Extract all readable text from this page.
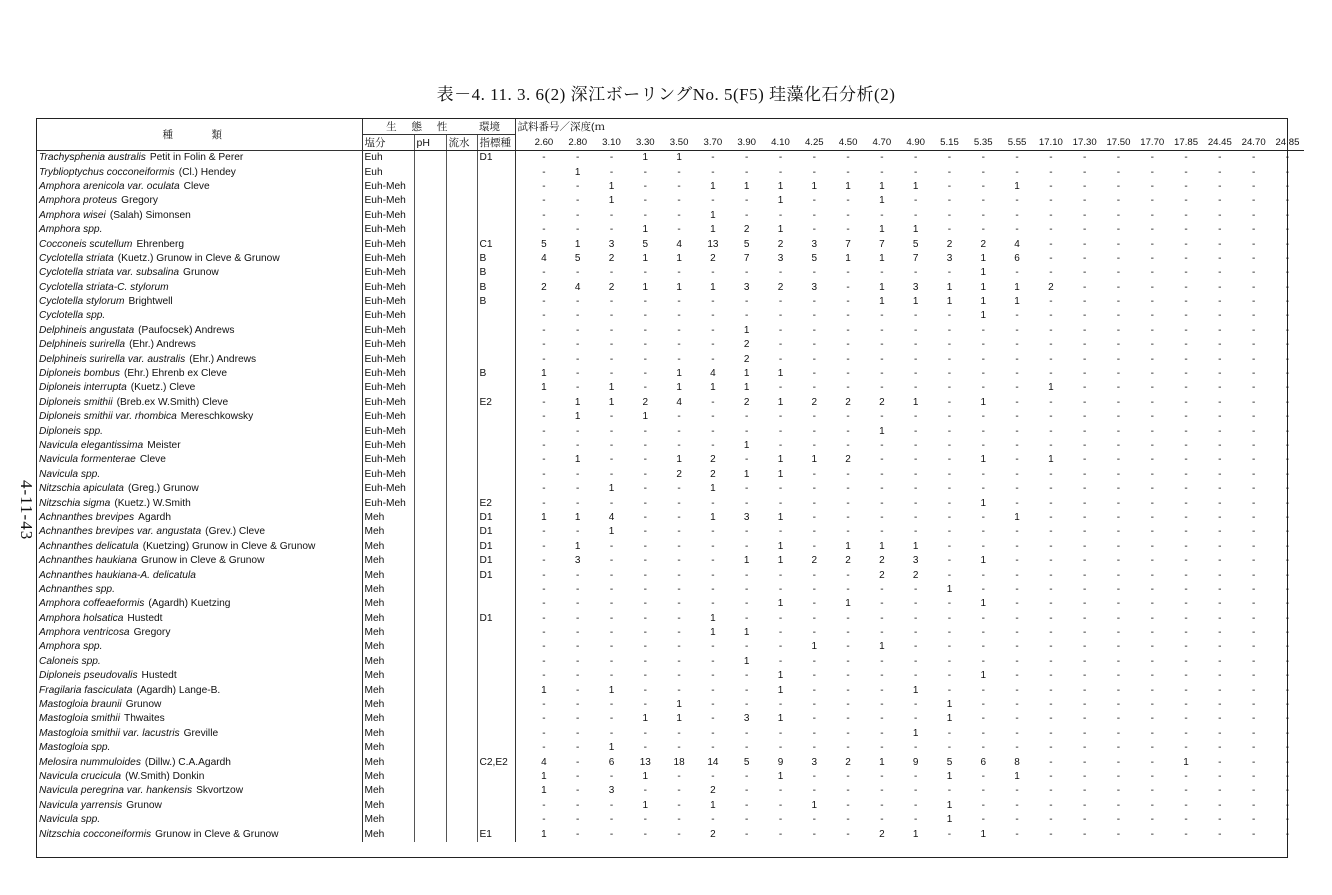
4-11-43
表－4. 11. 3. 6(2) 深江ボーリングNo. 5(F5) 珪藻化石分析(2)
種　類	生 態 性			環境	試料番号／深度(ｍ																							
	塩分	pH	流水	指標種		2.60	2.80	3.10	3.30	3.50	3.70	3.90	4.10	4.25	4.50	4.70	4.90	5.15	5.35	5.55	17.10	17.30	17.50	17.70	17.85	24.45	24.70	24.85
Trachysphenia australis Petit in Folin & Perer	Euh			D1		-	-	-	1	1	-	-	-	-	-	-	-	-	-	-	-	-	-	-	-	-	-	-
Trybliоptychus cocconeiformis (Cl.) Hendey	Euh					-	1	-	-	-	-	-	-	-	-	-	-	-	-	-	-	-	-	-	-	-	-	-
Amphora arenicola var. oculata Cleve	Euh-Meh					-	-	1	-	-	1	1	1	1	1	1	1	-	-	1	-	-	-	-	-	-	-	-
Amphora proteus Gregory	Euh-Meh					-	-	1	-	-	-	-	1	-	-	1	-	-	-	-	-	-	-	-	-	-	-	-
Amphora wisei (Salah) Simonsen	Euh-Meh					-	-	-	-	-	1	-	-	-	-	-	-	-	-	-	-	-	-	-	-	-	-	-
Amphora spp.	Euh-Meh					-	-	-	1	-	1	2	1	-	-	1	1	-	-	-	-	-	-	-	-	-	-	-
Cocconeis scutellum Ehrenberg	Euh-Meh			C1		5	1	3	5	4	13	5	2	3	7	7	5	2	2	4	-	-	-	-	-	-	-	-
Cyclotella striata (Kuetz.) Grunow in Cleve & Grunow	Euh-Meh			B		4	5	2	1	1	2	7	3	5	1	1	7	3	1	6	-	-	-	-	-	-	-	-
Cyclotella striata var. subsalina Grunow	Euh-Meh			B		-	-	-	-	-	-	-	-	-	-	-	-	-	1	-	-	-	-	-	-	-	-	-
Cyclotella striata-C. stylorum	Euh-Meh			B		2	4	2	1	1	1	3	2	3	-	1	3	1	1	1	2	-	-	-	-	-	-	-
Cyclotella stylorum Brightwell	Euh-Meh			B		-	-	-	-	-	-	-	-	-	-	1	1	1	1	1	-	-	-	-	-	-	-	-
Cyclotella spp.	Euh-Meh					-	-	-	-	-	-	-	-	-	-	-	-	-	1	-	-	-	-	-	-	-	-	-
Delphineis angustata (Paufocsek) Andrews	Euh-Meh					-	-	-	-	-	-	1	-	-	-	-	-	-	-	-	-	-	-	-	-	-	-	-
Delphineis surirella (Ehr.) Andrews	Euh-Meh					-	-	-	-	-	-	2	-	-	-	-	-	-	-	-	-	-	-	-	-	-	-	-
Delphineis surirella var. australis (Ehr.) Andrews	Euh-Meh					-	-	-	-	-	-	2	-	-	-	-	-	-	-	-	-	-	-	-	-	-	-	-
Diploneis bombus (Ehr.) Ehrenb ex Cleve	Euh-Meh			B		1	-	-	-	1	4	1	1	-	-	-	-	-	-	-	-	-	-	-	-	-	-	-
Diploneis interrupta (Kuetz.) Cleve	Euh-Meh					1	-	1	-	1	1	1	-	-	-	-	-	-	-	-	1	-	-	-	-	-	-	-
Diploneis smithii (Breb.ex W.Smith) Cleve	Euh-Meh			E2		-	1	1	2	4	-	2	1	2	2	2	1	-	1	-	-	-	-	-	-	-	-	-
Diploneis smithii var. rhombica Mereschkowsky	Euh-Meh					-	1	-	1	-	-	-	-	-	-	-	-	-	-	-	-	-	-	-	-	-	-	-
Diploneis spp.	Euh-Meh					-	-	-	-	-	-	-	-	-	-	1	-	-	-	-	-	-	-	-	-	-	-	-
Navicula elegantissima Meister	Euh-Meh					-	-	-	-	-	-	1	-	-	-	-	-	-	-	-	-	-	-	-	-	-	-	-
Navicula formenterae Cleve	Euh-Meh					-	1	-	-	1	2	-	1	1	2	-	-	-	1	-	1	-	-	-	-	-	-	-
Navicula spp.	Euh-Meh					-	-	-	-	2	2	1	1	-	-	-	-	-	-	-	-	-	-	-	-	-	-	-
Nitzschia apiculata (Greg.) Grunow	Euh-Meh					-	-	1	-	-	1	-	-	-	-	-	-	-	-	-	-	-	-	-	-	-	-	-
Nitzschia sigma (Kuetz.) W.Smith	Euh-Meh			E2		-	-	-	-	-	-	-	-	-	-	-	-	-	1	-	-	-	-	-	-	-	-	-
Achnanthes brevipes Agardh	Meh			D1		1	1	4	-	-	1	3	1	-	-	-	-	-	-	1	-	-	-	-	-	-	-	-
Achnanthes brevipes var. angustata (Grev.) Cleve	Meh			D1		-	-	1	-	-	-	-	-	-	-	-	-	-	-	-	-	-	-	-	-	-	-	-
Achnanthes delicatula (Kuetzing) Grunow in Cleve & Grunow	Meh			D1		-	1	-	-	-	-	-	1	-	1	1	1	-	-	-	-	-	-	-	-	-	-	-
Achnanthes haukiana Grunow in Cleve & Grunow	Meh			D1		-	3	-	-	-	-	1	1	2	2	2	3	-	1	-	-	-	-	-	-	-	-	-
Achnanthes haukiana-A. delicatula	Meh			D1		-	-	-	-	-	-	-	-	-	-	2	2	-	-	-	-	-	-	-	-	-	-	-
Achnanthes spp.	Meh					-	-	-	-	-	-	-	-	-	-	-	-	1	-	-	-	-	-	-	-	-	-	-
Amphora coffeaeformis (Agardh) Kuetzing	Meh					-	-	-	-	-	-	-	1	-	1	-	-	-	1	-	-	-	-	-	-	-	-	-
Amphora holsatica Hustedt	Meh			D1		-	-	-	-	-	1	-	-	-	-	-	-	-	-	-	-	-	-	-	-	-	-	-
Amphora ventricosa Gregory	Meh					-	-	-	-	-	1	1	-	-	-	-	-	-	-	-	-	-	-	-	-	-	-	-
Amphora spp.	Meh					-	-	-	-	-	-	-	-	1	-	1	-	-	-	-	-	-	-	-	-	-	-	-
Caloneis spp.	Meh					-	-	-	-	-	-	1	-	-	-	-	-	-	-	-	-	-	-	-	-	-	-	-
Diploneis pseudovalis Hustedt	Meh					-	-	-	-	-	-	-	1	-	-	-	-	-	1	-	-	-	-	-	-	-	-	-
Fragilaria fasciculata (Agardh) Lange-B.	Meh					1	-	1	-	-	-	-	1	-	-	-	1	-	-	-	-	-	-	-	-	-	-	-
Mastogloia braunii Grunow	Meh					-	-	-	-	1	-	-	-	-	-	-	-	1	-	-	-	-	-	-	-	-	-	-
Mastogloia smithii Thwaites	Meh					-	-	-	1	1	-	3	1	-	-	-	-	1	-	-	-	-	-	-	-	-	-	-
Mastogloia smithii var. lacustris Greville	Meh					-	-	-	-	-	-	-	-	-	-	-	1	-	-	-	-	-	-	-	-	-	-	-
Mastogloia spp.	Meh					-	-	1	-	-	-	-	-	-	-	-	-	-	-	-	-	-	-	-	-	-	-	-
Melosira nummuloides (Dillw.) C.A.Agardh	Meh			C2,E2		4	-	6	13	18	14	5	9	3	2	1	9	5	6	8	-	-	-	-	1	-	-	-
Navicula crucicula (W.Smith) Donkin	Meh					1	-	-	1	-	-	-	1	-	-	-	-	1	-	1	-	-	-	-	-	-	-	-
Navicula peregrina var. hankensis Skvortzow	Meh					1	-	3	-	-	2	-	-	-	-	-	-	-	-	-	-	-	-	-	-	-	-	-
Navicula yarrensis Grunow	Meh					-	-	-	1	-	1	-	-	1	-	-	-	1	-	-	-	-	-	-	-	-	-	-
Navicula spp.	Meh					-	-	-	-	-	-	-	-	-	-	-	-	1	-	-	-	-	-	-	-	-	-	-
Nitzschia cocconeiformis Grunow in Cleve & Grunow	Meh			E1		1	-	-	-	-	2	-	-	-	-	2	1	-	1	-	-	-	-	-	-	-	-	-
